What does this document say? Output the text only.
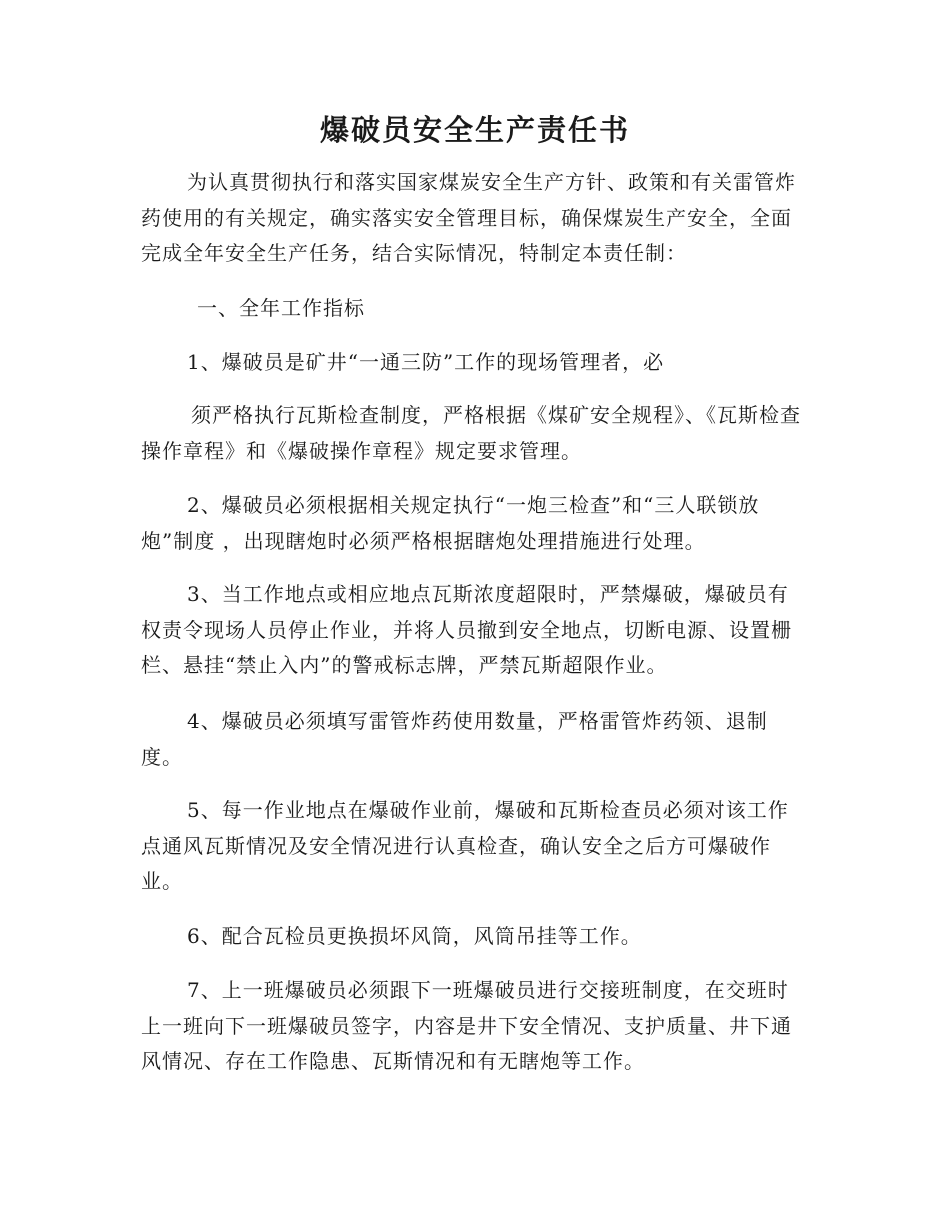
爆破员安全生产责任书

为认真贯彻执行和落实国家煤炭安全生产方针、政策和有关雷管炸药使用的有关规定，确实落实安全管理目标，确保煤炭生产安全，全面完成全年安全生产任务，结合实际情况，特制定本责任制：

一、全年工作指标

1、爆破员是矿井“一通三防”工作的现场管理者，必

须严格执行瓦斯检查制度，严格根据《煤矿安全规程》、《瓦斯检查操作章程》和《爆破操作章程》规定要求管理。

2、爆破员必须根据相关规定执行“一炮三检查”和“三人联锁放炮”制度 ，出现瞎炮时必须严格根据瞎炮处理措施进行处理。

3、当工作地点或相应地点瓦斯浓度超限时，严禁爆破，爆破员有权责令现场人员停止作业，并将人员撤到安全地点，切断电源、设置栅栏、悬挂“禁止入内”的警戒标志牌，严禁瓦斯超限作业。

4、爆破员必须填写雷管炸药使用数量，严格雷管炸药领、退制度。

5、每一作业地点在爆破作业前，爆破和瓦斯检查员必须对该工作点通风瓦斯情况及安全情况进行认真检查，确认安全之后方可爆破作业。

6、配合瓦检员更换损坏风筒，风筒吊挂等工作。

7、上一班爆破员必须跟下一班爆破员进行交接班制度，在交班时上一班向下一班爆破员签字，内容是井下安全情况、支护质量、井下通风情况、存在工作隐患、瓦斯情况和有无瞎炮等工作。
